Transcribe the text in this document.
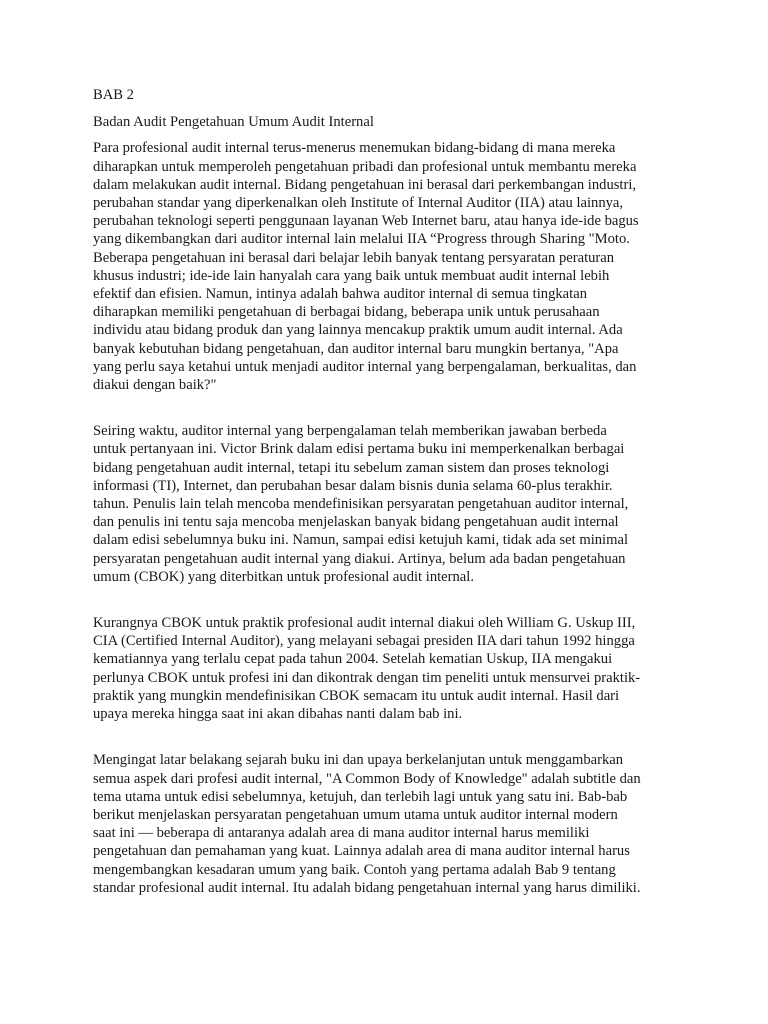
BAB 2
Badan Audit Pengetahuan Umum Audit Internal

Para profesional audit internal terus-menerus menemukan bidang-bidang di mana mereka
diharapkan untuk memperoleh pengetahuan pribadi dan profesional untuk membantu mereka
dalam melakukan audit internal. Bidang pengetahuan ini berasal dari perkembangan industri,
perubahan standar yang diperkenalkan oleh Institute of Internal Auditor (IIA) atau lainnya,
perubahan teknologi seperti penggunaan layanan Web Internet baru, atau hanya ide-ide bagus
yang dikembangkan dari auditor internal lain melalui IIA “Progress through Sharing "Moto.
Beberapa pengetahuan ini berasal dari belajar lebih banyak tentang persyaratan peraturan
khusus industri; ide-ide lain hanyalah cara yang baik untuk membuat audit internal lebih
efektif dan efisien. Namun, intinya adalah bahwa auditor internal di semua tingkatan
diharapkan memiliki pengetahuan di berbagai bidang, beberapa unik untuk perusahaan
individu atau bidang produk dan yang lainnya mencakup praktik umum audit internal. Ada
banyak kebutuhan bidang pengetahuan, dan auditor internal baru mungkin bertanya, "Apa
yang perlu saya ketahui untuk menjadi auditor internal yang berpengalaman, berkualitas, dan
diakui dengan baik?"

Seiring waktu, auditor internal yang berpengalaman telah memberikan jawaban berbeda
untuk pertanyaan ini. Victor Brink dalam edisi pertama buku ini memperkenalkan berbagai
bidang pengetahuan audit internal, tetapi itu sebelum zaman sistem dan proses teknologi
informasi (TI), Internet, dan perubahan besar dalam bisnis dunia selama 60-plus terakhir.
tahun. Penulis lain telah mencoba mendefinisikan persyaratan pengetahuan auditor internal,
dan penulis ini tentu saja mencoba menjelaskan banyak bidang pengetahuan audit internal
dalam edisi sebelumnya buku ini. Namun, sampai edisi ketujuh kami, tidak ada set minimal
persyaratan pengetahuan audit internal yang diakui. Artinya, belum ada badan pengetahuan
umum (CBOK) yang diterbitkan untuk profesional audit internal.

Kurangnya CBOK untuk praktik profesional audit internal diakui oleh William G. Uskup III,
CIA (Certified Internal Auditor), yang melayani sebagai presiden IIA dari tahun 1992 hingga
kematiannya yang terlalu cepat pada tahun 2004. Setelah kematian Uskup, IIA mengakui
perlunya CBOK untuk profesi ini dan dikontrak dengan tim peneliti untuk mensurvei praktik-
praktik yang mungkin mendefinisikan CBOK semacam itu untuk audit internal. Hasil dari
upaya mereka hingga saat ini akan dibahas nanti dalam bab ini.

Mengingat latar belakang sejarah buku ini dan upaya berkelanjutan untuk menggambarkan
semua aspek dari profesi audit internal, "A Common Body of Knowledge" adalah subtitle dan
tema utama untuk edisi sebelumnya, ketujuh, dan terlebih lagi untuk yang satu ini. Bab-bab
berikut menjelaskan persyaratan pengetahuan umum utama untuk auditor internal modern
saat ini — beberapa di antaranya adalah area di mana auditor internal harus memiliki
pengetahuan dan pemahaman yang kuat. Lainnya adalah area di mana auditor internal harus
mengembangkan kesadaran umum yang baik. Contoh yang pertama adalah Bab 9 tentang
standar profesional audit internal. Itu adalah bidang pengetahuan internal yang harus dimiliki.
